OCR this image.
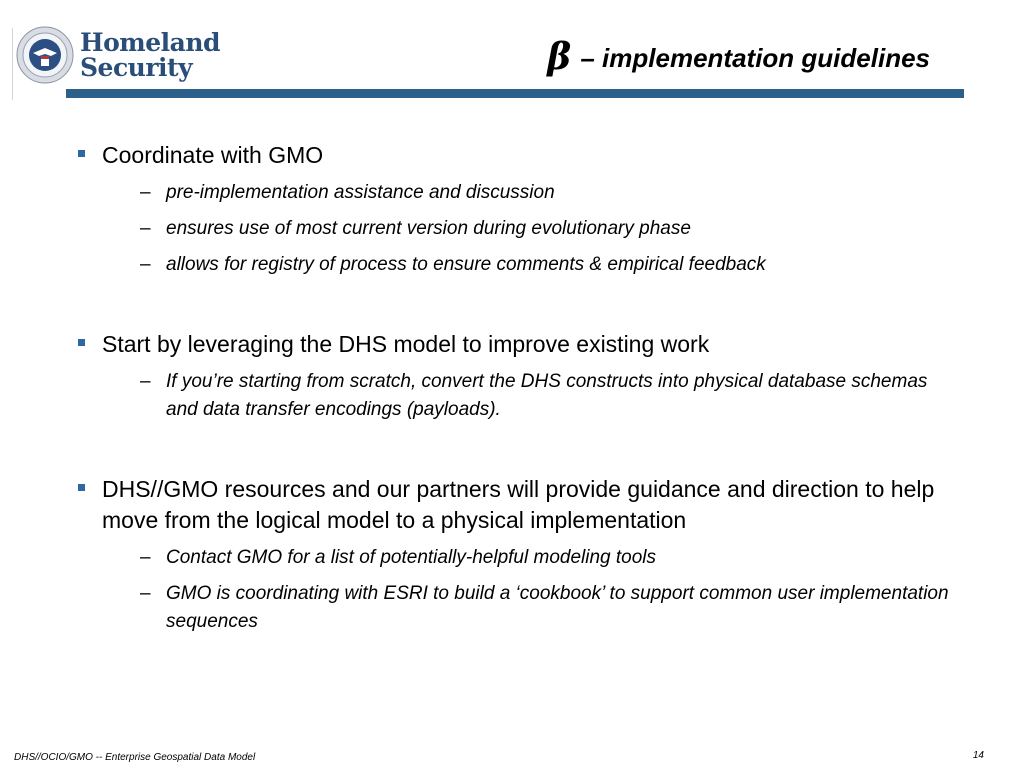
Homeland
Security	β – implementation guidelines
Coordinate with GMO
– pre-implementation assistance and discussion
– ensures use of most current version during evolutionary phase
– allows for registry of process to ensure comments & empirical feedback
Start by leveraging the DHS model to improve existing work
– If you’re starting from scratch, convert the DHS constructs into physical database schemas and data transfer encodings (payloads).
DHS//GMO resources and our partners will provide guidance and direction to help move from the logical model to a physical implementation
– Contact GMO for a list of potentially-helpful modeling tools
– GMO is coordinating with ESRI to build a ‘cookbook’ to support common user implementation sequences
DHS//OCIO/GMO -- Enterprise Geospatial Data Model	14
